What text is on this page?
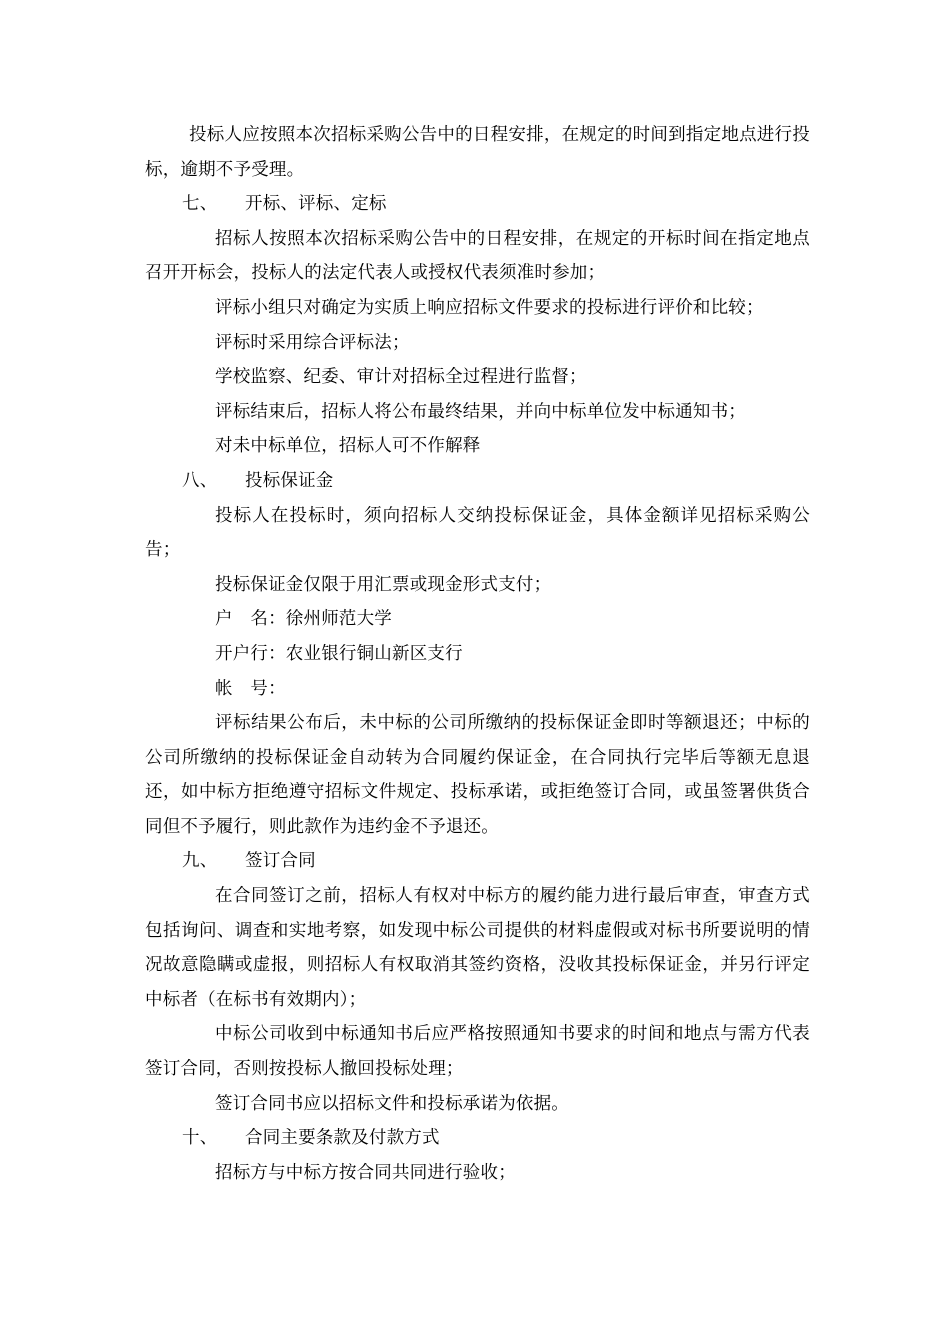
投标人应按照本次招标采购公告中的日程安排，在规定的时间到指定地点进行投标，逾期不予受理。

七、 开标、评标、定标

招标人按照本次招标采购公告中的日程安排，在规定的开标时间在指定地点召开开标会，投标人的法定代表人或授权代表须准时参加；

评标小组只对确定为实质上响应招标文件要求的投标进行评价和比较；

评标时采用综合评标法；

学校监察、纪委、审计对招标全过程进行监督；

评标结束后，招标人将公布最终结果，并向中标单位发中标通知书；

对未中标单位，招标人可不作解释

八、 投标保证金

投标人在投标时，须向招标人交纳投标保证金，具体金额详见招标采购公告；

投标保证金仅限于用汇票或现金形式支付；

户　名：徐州师范大学

开户行：农业银行铜山新区支行

帐　号：

评标结果公布后，未中标的公司所缴纳的投标保证金即时等额退还；中标的公司所缴纳的投标保证金自动转为合同履约保证金，在合同执行完毕后等额无息退还，如中标方拒绝遵守招标文件规定、投标承诺，或拒绝签订合同，或虽签署供货合同但不予履行，则此款作为违约金不予退还。

九、 签订合同

在合同签订之前，招标人有权对中标方的履约能力进行最后审查，审查方式包括询问、调查和实地考察，如发现中标公司提供的材料虚假或对标书所要说明的情况故意隐瞒或虚报，则招标人有权取消其签约资格，没收其投标保证金，并另行评定中标者（在标书有效期内）；

中标公司收到中标通知书后应严格按照通知书要求的时间和地点与需方代表签订合同，否则按投标人撤回投标处理；

签订合同书应以招标文件和投标承诺为依据。

十、 合同主要条款及付款方式

招标方与中标方按合同共同进行验收；
